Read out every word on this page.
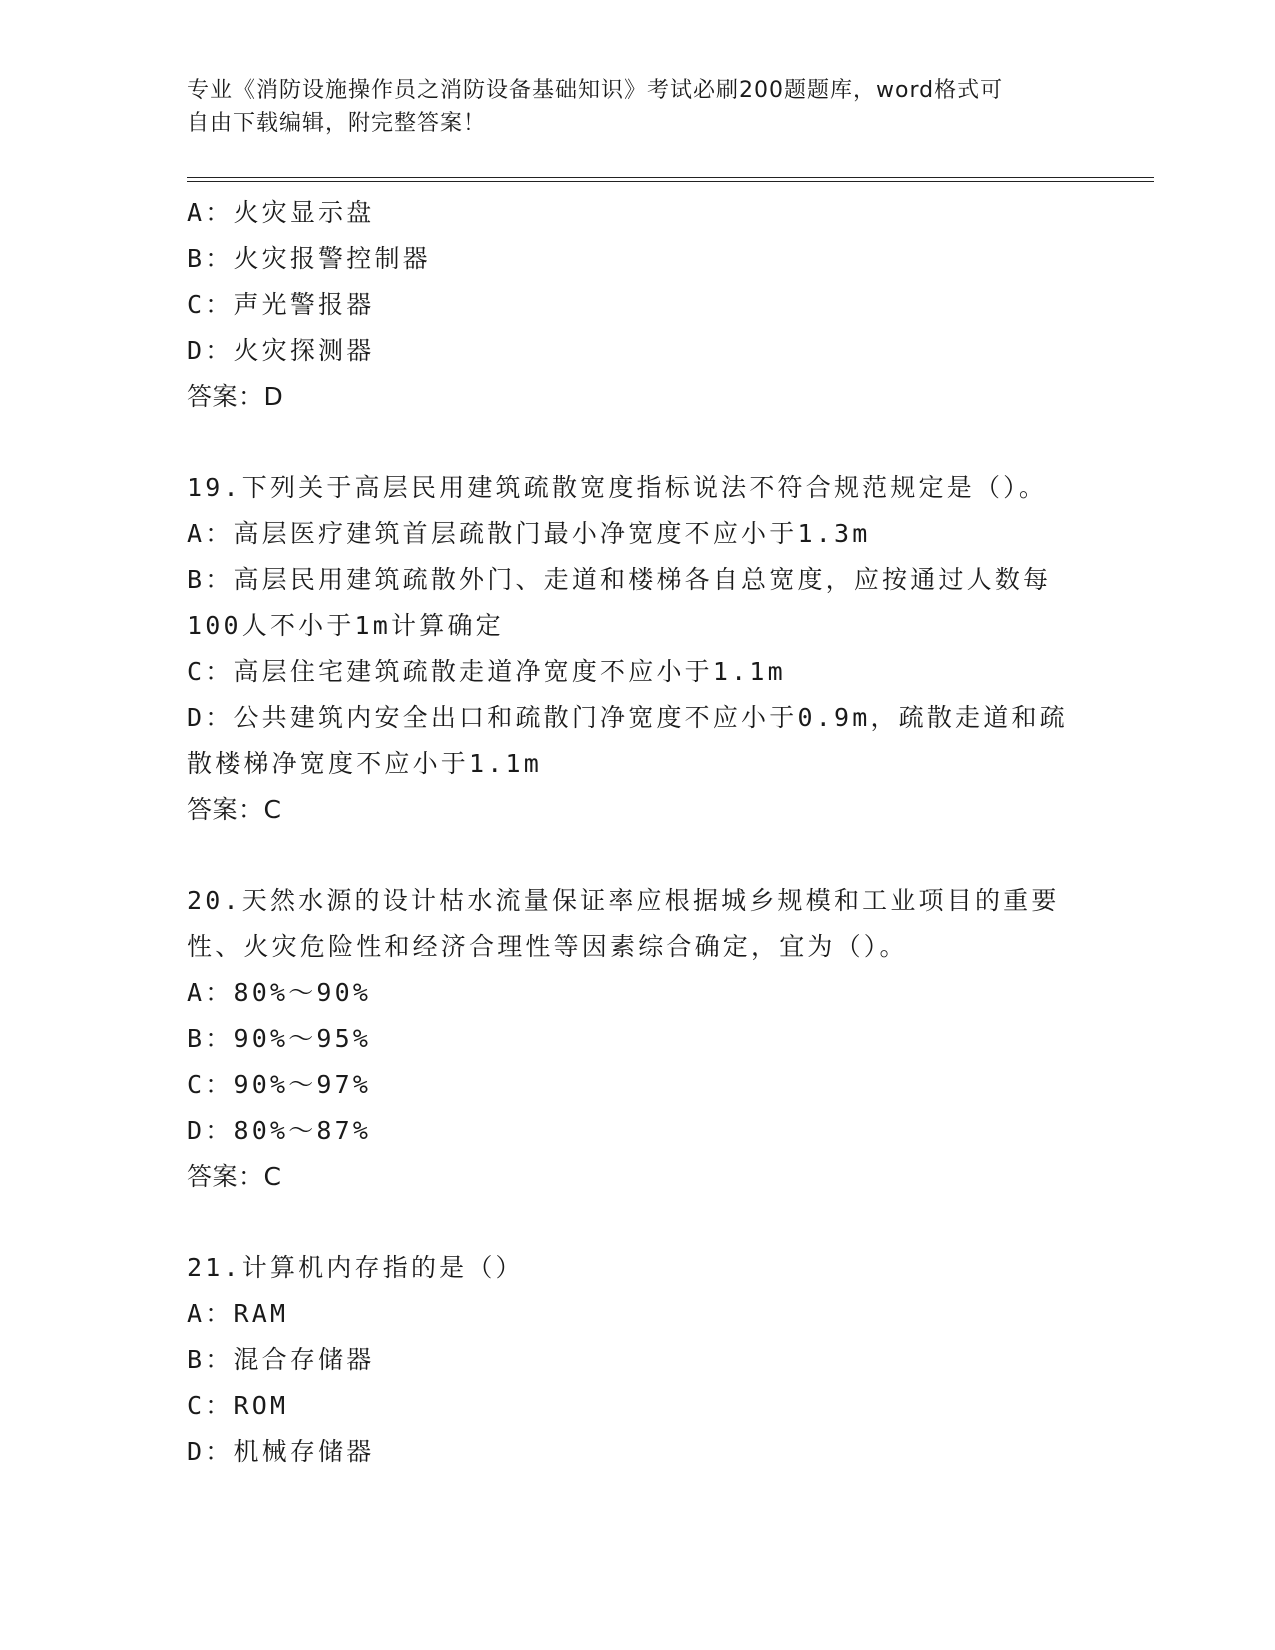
专业《消防设施操作员之消防设备基础知识》考试必刷200题题库，word格式可
自由下载编辑，附完整答案！
A：火灾显示盘
B：火灾报警控制器
C：声光警报器
D：火灾探测器
答案：D
19.下列关于高层民用建筑疏散宽度指标说法不符合规范规定是（）。
A：高层医疗建筑首层疏散门最小净宽度不应小于1.3m
B：高层民用建筑疏散外门、走道和楼梯各自总宽度，应按通过人数每
100人不小于1m计算确定
C：高层住宅建筑疏散走道净宽度不应小于1.1m
D：公共建筑内安全出口和疏散门净宽度不应小于0.9m，疏散走道和疏
散楼梯净宽度不应小于1.1m
答案：C
20.天然水源的设计枯水流量保证率应根据城乡规模和工业项目的重要
性、火灾危险性和经济合理性等因素综合确定，宜为（）。
A：80%～90%
B：90%～95%
C：90%～97%
D：80%～87%
答案：C
21.计算机内存指的是（）
A：RAM
B：混合存储器
C：ROM
D：机械存储器
